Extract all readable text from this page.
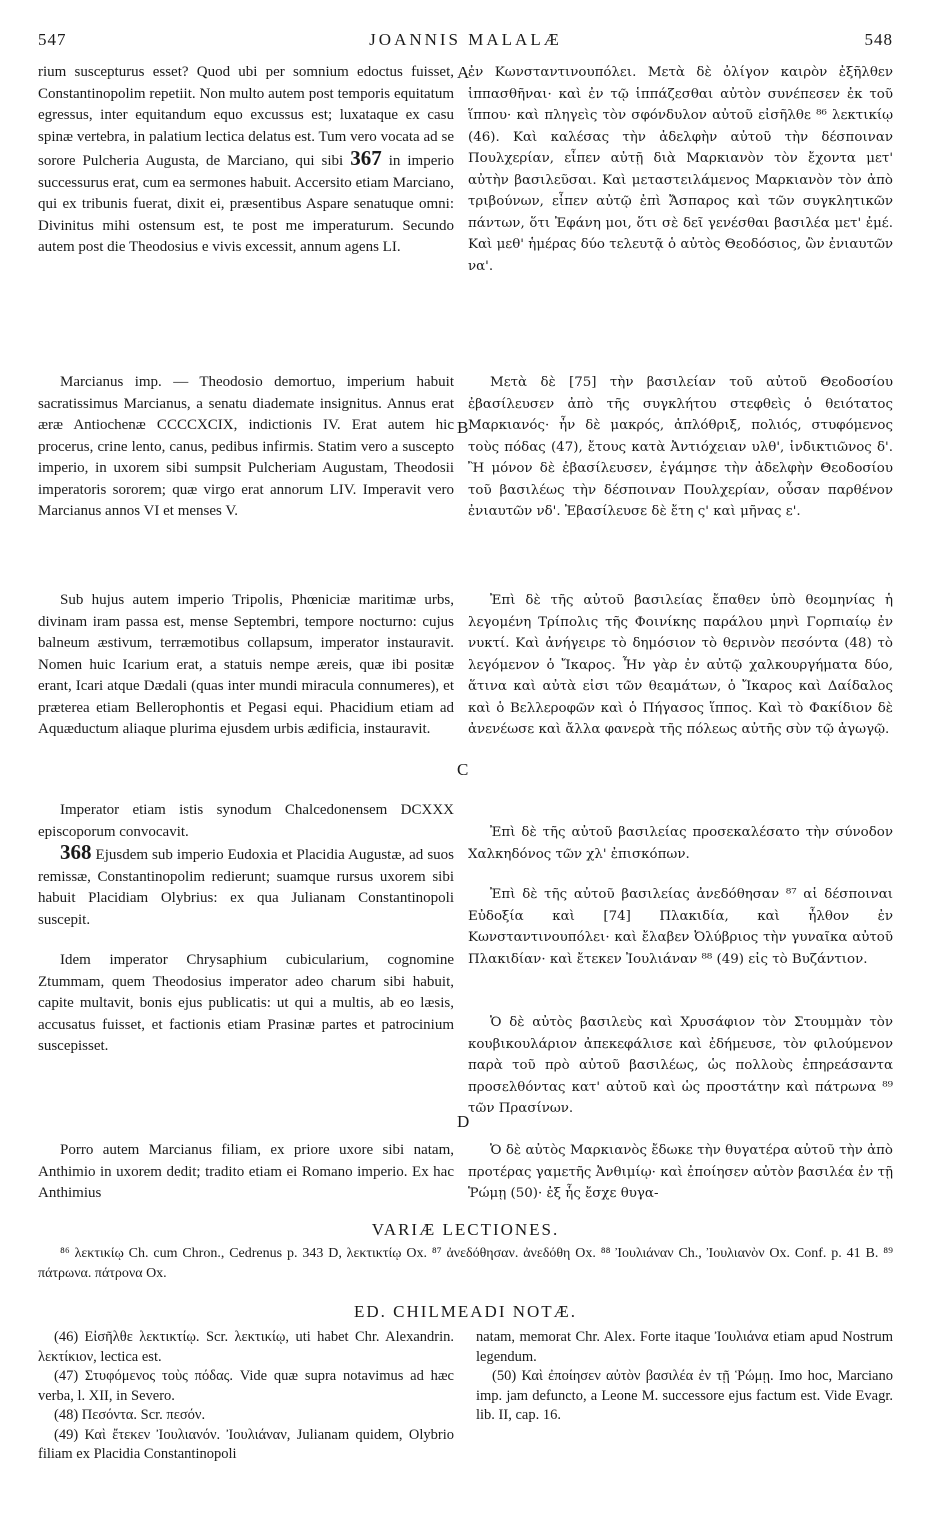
547	JOANNIS MALALÆ	548
rium suscepturus esset? Quod ubi per somnium edoctus fuisset, Constantinopolim repetiit. Non multo autem post temporis equitatum egressus, inter equitandum equo excussus est; luxataque ex casu spinæ vertebra, in palatium lectica delatus est. Tum vero vocata ad se sorore Pulcheria Augusta, de Marciano, qui sibi 367 in imperio successurus erat, cum ea sermones habuit. Accersito etiam Marciano, qui ex tribunis fuerat, dixit ei, præsentibus Aspare senatuque omni: Divinitus mihi ostensum est, te post me imperaturum. Secundo autem post die Theodosius e vivis excessit, annum agens LI.

Marcianus imp. — Theodosio demortuo, imperium habuit sacratissimus Marcianus, a senatu diademate insignitus. Annus erat æræ Antiochenæ CCCCXCIX, indictionis IV. Erat autem hic procerus, crine lento, canus, pedibus infirmis. Statim vero a suscepto imperio, in uxorem sibi sumpsit Pulcheriam Augustam, Theodosii imperatoris sororem; quæ virgo erat annorum LIV. Imperavit vero Marcianus annos VI et menses V.

Sub hujus autem imperio Tripolis, Phœniciæ maritimæ urbs, divinam iram passa est, mense Septembri, tempore nocturno: cujus balneum æstivum, terræmotibus collapsum, imperator instauravit. Nomen huic Icarium erat, a statuis nempe æreis, quæ ibi positæ erant, Icari atque Dædali (quas inter mundi miracula connumeres), et præterea etiam Bellerophontis et Pegasi equi. Phacidium etiam ad Aquæductum aliaque plurima ejusdem urbis ædificia, instauravit.

Imperator etiam istis synodum Chalcedonensem DCXXX episcoporum convocavit.

368 Ejusdem sub imperio Eudoxia et Placidia Augustæ, ad suos remissæ, Constantinopolim redierunt; suamque rursus uxorem sibi habuit Placidiam Olybrius: ex qua Julianam Constantinopoli suscepit.

Idem imperator Chrysaphium cubicularium, cognomine Ztummam, quem Theodosius imperator adeo charum sibi habuit, capite multavit, bonis ejus publicatis: ut qui a multis, ab eo læsis, accusatus fuisset, et factionis etiam Prasinæ partes et patrocinium suscepisset.

Porro autem Marcianus filiam, ex priore uxore sibi natam, Anthimio in uxorem dedit; tradito etiam ei Romano imperio. Ex hac Anthimius

A
B
C
D

ἐν Κωνσταντινουπόλει. Μετὰ δὲ ὀλίγον καιρὸν ἐξῆλθεν ἱππασθῆναι· καὶ ἐν τῷ ἱππάζεσθαι αὐτὸν συνέπεσεν ἐκ τοῦ ἵππου· καὶ πληγεὶς τὸν σφόνδυλον αὐτοῦ εἰσῆλθε ⁸⁶ λεκτικίῳ (46). Καὶ καλέσας τὴν ἀδελφὴν αὐτοῦ τὴν δέσποιναν Πουλχερίαν, εἶπεν αὐτῇ διὰ Μαρκιανὸν τὸν ἔχοντα μετ' αὐτὴν βασιλεῦσαι. Καὶ μεταστειλάμενος Μαρκιανὸν τὸν ἀπὸ τριβούνων, εἶπεν αὐτῷ ἐπὶ Ἄσπαρος καὶ τῶν συγκλητικῶν πάντων, ὅτι Ἐφάνη μοι, ὅτι σὲ δεῖ γενέσθαι βασιλέα μετ' ἐμέ. Καὶ μεθ' ἡμέρας δύο τελευτᾷ ὁ αὐτὸς Θεοδόσιος, ὢν ἐνιαυτῶν να'.

Μετὰ δὲ [75] τὴν βασιλείαν τοῦ αὐτοῦ Θεοδοσίου ἐβασίλευσεν ἀπὸ τῆς συγκλήτου στεφθεὶς ὁ θειότατος Μαρκιανός· ἦν δὲ μακρός, ἁπλόθριξ, πολιός, στυφόμενος τοὺς πόδας (47), ἔτους κατὰ Ἀντιόχειαν υλθ', ἰνδικτιῶνος δ'. Ἢ μόνον δὲ ἐβασίλευσεν, ἐγάμησε τὴν ἀδελφὴν Θεοδοσίου τοῦ βασιλέως τὴν δέσποιναν Πουλχερίαν, οὖσαν παρθένον ἐνιαυτῶν νδ'. Ἐβασίλευσε δὲ ἔτη ς' καὶ μῆνας ε'.

Ἐπὶ δὲ τῆς αὐτοῦ βασιλείας ἔπαθεν ὑπὸ θεομηνίας ἡ λεγομένη Τρίπολις τῆς Φοινίκης παράλου μηνὶ Γορπιαίῳ ἐν νυκτί. Καὶ ἀνήγειρε τὸ δημόσιον τὸ θερινὸν πεσόντα (48) τὸ λεγόμενον ὁ Ἴκαρος. Ἦν γὰρ ἐν αὐτῷ χαλκουργήματα δύο, ἅτινα καὶ αὐτὰ εἰσι τῶν θεαμάτων, ὁ Ἴκαρος καὶ Δαίδαλος καὶ ὁ Βελλεροφῶν καὶ ὁ Πήγασος ἵππος. Καὶ τὸ Φακίδιον δὲ ἀνενέωσε καὶ ἄλλα φανερὰ τῆς πόλεως αὐτῆς σὺν τῷ ἀγωγῷ.

Ἐπὶ δὲ τῆς αὐτοῦ βασιλείας προσεκαλέσατο τὴν σύνοδον Χαλκηδόνος τῶν χλ' ἐπισκόπων.

Ἐπὶ δὲ τῆς αὐτοῦ βασιλείας ἀνεδόθησαν ⁸⁷ αἱ δέσποιναι Εὐδοξία καὶ [74] Πλακιδία, καὶ ἦλθον ἐν Κωνσταντινουπόλει· καὶ ἔλαβεν Ὀλύβριος τὴν γυναῖκα αὐτοῦ Πλακιδίαν· καὶ ἔτεκεν Ἰουλιάναν ⁸⁸ (49) εἰς τὸ Βυζάντιον.

Ὁ δὲ αὐτὸς βασιλεὺς καὶ Χρυσάφιον τὸν Στουμμὰν τὸν κουβικουλάριον ἀπεκεφάλισε καὶ ἐδήμευσε, τὸν φιλούμενον παρὰ τοῦ πρὸ αὐτοῦ βασιλέως, ὡς πολλοὺς ἐπηρεάσαντα προσελθόντας κατ' αὐτοῦ καὶ ὡς προστάτην καὶ πάτρωνα ⁸⁹ τῶν Πρασίνων.

Ὁ δὲ αὐτὸς Μαρκιανὸς ἔδωκε τὴν θυγατέρα αὐτοῦ τὴν ἀπὸ προτέρας γαμετῆς Ἀνθιμίῳ· καὶ ἐποίησεν αὐτὸν βασιλέα ἐν τῇ Ῥώμῃ (50)· ἐξ ἧς ἔσχε θυγα-

VARIÆ LECTIONES.
⁸⁶ λεκτικίῳ Ch. cum Chron., Cedrenus p. 343 D, λεκτικτίῳ Ox. ⁸⁷ ἀνεδόθησαν. ἀνεδόθη Ox. ⁸⁸ Ἰουλιάναν Ch., Ἰουλιανὸν Ox. Conf. p. 41 B. ⁸⁹ πάτρωνα. πάτρονα Ox.
ED. CHILMEADI NOTÆ.

(46) Εἰσῆλθε λεκτικτίῳ. Scr. λεκτικίῳ, uti habet Chr. Alexandrin. λεκτίκιον, lectica est.

(47) Στυφόμενος τοὺς πόδας. Vide quæ supra notavimus ad hæc verba, l. XII, in Severo.

(48) Πεσόντα. Scr. πεσόν.

(49) Καὶ ἔτεκεν Ἰουλιανόν. Ἰουλιάναν, Julianam quidem, Olybrio filiam ex Placidia Constantinopoli

natam, memorat Chr. Alex. Forte itaque Ἰουλιάνα etiam apud Nostrum legendum.

(50) Καὶ ἐποίησεν αὐτὸν βασιλέα ἐν τῇ Ῥώμῃ. Imo hoc, Marciano imp. jam defuncto, a Leone M. successore ejus factum est. Vide Evagr. lib. II, cap. 16.
